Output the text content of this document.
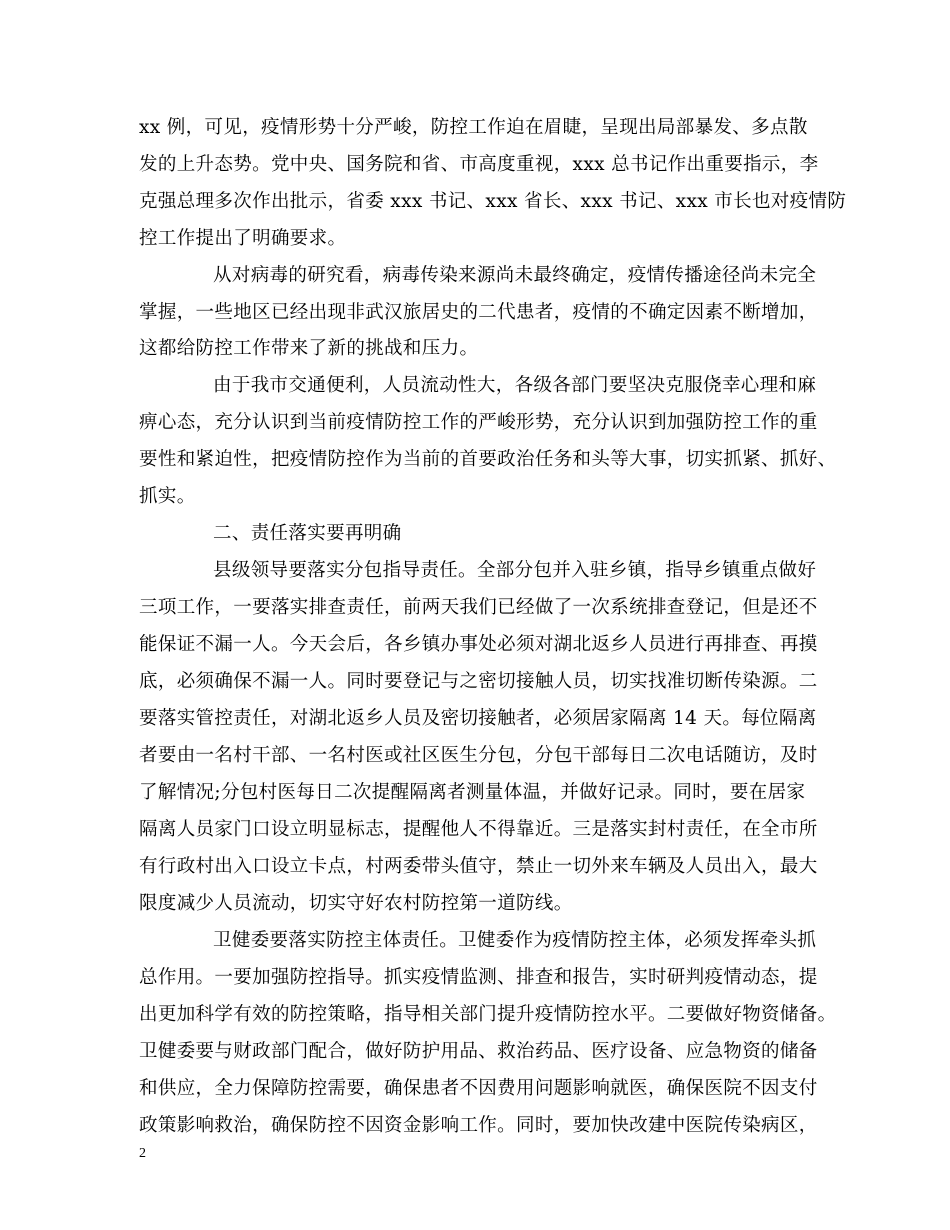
xx 例，可见，疫情形势十分严峻，防控工作迫在眉睫，呈现出局部暴发、多点散
发的上升态势。党中央、国务院和省、市高度重视，xxx 总书记作出重要指示，李
克强总理多次作出批示，省委 xxx 书记、xxx 省长、xxx 书记、xxx 市长也对疫情防
控工作提出了明确要求。
从对病毒的研究看，病毒传染来源尚未最终确定，疫情传播途径尚未完全
掌握，一些地区已经出现非武汉旅居史的二代患者，疫情的不确定因素不断增加，
这都给防控工作带来了新的挑战和压力。
由于我市交通便利，人员流动性大，各级各部门要坚决克服侥幸心理和麻
痹心态，充分认识到当前疫情防控工作的严峻形势，充分认识到加强防控工作的重
要性和紧迫性，把疫情防控作为当前的首要政治任务和头等大事，切实抓紧、抓好、
抓实。
二、责任落实要再明确
县级领导要落实分包指导责任。全部分包并入驻乡镇，指导乡镇重点做好
三项工作，一要落实排查责任，前两天我们已经做了一次系统排查登记，但是还不
能保证不漏一人。今天会后，各乡镇办事处必须对湖北返乡人员进行再排查、再摸
底，必须确保不漏一人。同时要登记与之密切接触人员，切实找准切断传染源。二
要落实管控责任，对湖北返乡人员及密切接触者，必须居家隔离 14 天。每位隔离
者要由一名村干部、一名村医或社区医生分包，分包干部每日二次电话随访，及时
了解情况;分包村医每日二次提醒隔离者测量体温，并做好记录。同时，要在居家
隔离人员家门口设立明显标志，提醒他人不得靠近。三是落实封村责任，在全市所
有行政村出入口设立卡点，村两委带头值守，禁止一切外来车辆及人员出入，最大
限度减少人员流动，切实守好农村防控第一道防线。
卫健委要落实防控主体责任。卫健委作为疫情防控主体，必须发挥牵头抓
总作用。一要加强防控指导。抓实疫情监测、排查和报告，实时研判疫情动态，提
出更加科学有效的防控策略，指导相关部门提升疫情防控水平。二要做好物资储备。
卫健委要与财政部门配合，做好防护用品、救治药品、医疗设备、应急物资的储备
和供应，全力保障防控需要，确保患者不因费用问题影响就医，确保医院不因支付
政策影响救治，确保防控不因资金影响工作。同时，要加快改建中医院传染病区，
2
